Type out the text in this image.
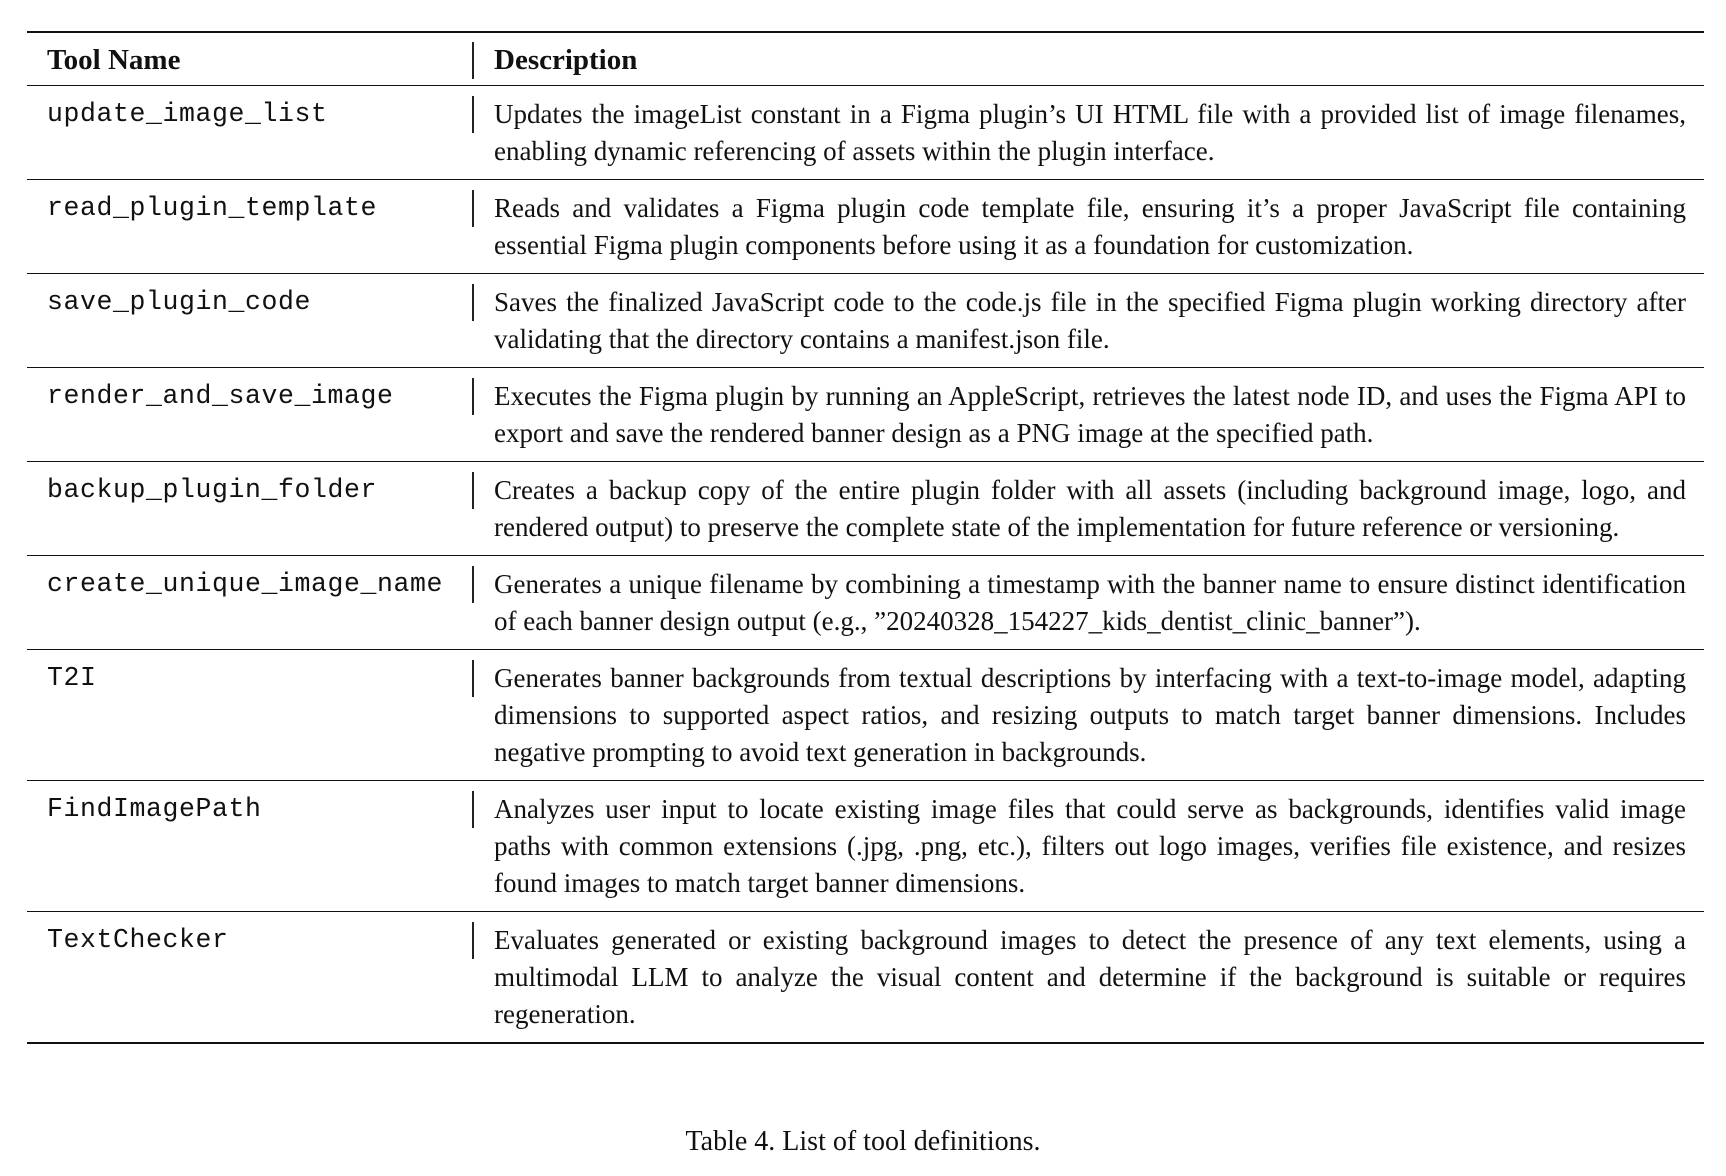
Tool Name	Description

update_image_list	Updates the imageList constant in a Figma plugin’s UI HTML file with a provided list of image filenames, enabling dynamic referencing of assets within the plugin interface.

read_plugin_template	Reads and validates a Figma plugin code template file, ensuring it’s a proper JavaScript file containing essential Figma plugin components before using it as a foundation for customization.

save_plugin_code	Saves the finalized JavaScript code to the code.js file in the specified Figma plugin working directory after validating that the directory contains a manifest.json file.

render_and_save_image	Executes the Figma plugin by running an AppleScript, retrieves the latest node ID, and uses the Figma API to export and save the rendered banner design as a PNG image at the specified path.

backup_plugin_folder	Creates a backup copy of the entire plugin folder with all assets (including background image, logo, and rendered output) to preserve the complete state of the implementation for future reference or versioning.

create_unique_image_name	Generates a unique filename by combining a timestamp with the banner name to ensure distinct identification of each banner design output (e.g., ”20240328_154227_kids_dentist_clinic_banner”).

T2I	Generates banner backgrounds from textual descriptions by interfacing with a text-to-image model, adapting dimensions to supported aspect ratios, and resizing outputs to match target banner dimensions. Includes negative prompting to avoid text generation in backgrounds.

FindImagePath	Analyzes user input to locate existing image files that could serve as backgrounds, identifies valid image paths with common extensions (.jpg, .png, etc.), filters out logo images, verifies file existence, and resizes found images to match target banner dimensions.

TextChecker	Evaluates generated or existing background images to detect the presence of any text elements, using a multimodal LLM to analyze the visual content and determine if the background is suitable or requires regeneration.
Table 4. List of tool definitions.
